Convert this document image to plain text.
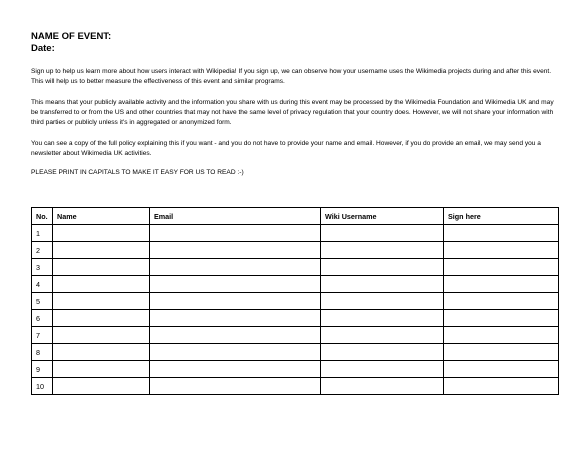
NAME OF EVENT:
Date:

Sign up to help us learn more about how users interact with Wikipedia! If you sign up, we can observe how your username uses the Wikimedia projects during and after this event. This will help us to better measure the effectiveness of this event and similar programs.

This means that your publicly available activity and the information you share with us during this event may be processed by the Wikimedia Foundation and Wikimedia UK and may be transferred to or from the US and other countries that may not have the same level of privacy regulation that your country does. However, we will not share your information with third parties or publicly unless it's in aggregated or anonymized form.

You can see a copy of the full policy explaining this if you want - and you do not have to provide your name and email. However, if you do provide an email, we may send you a newsletter about Wikimedia UK activities.

PLEASE PRINT IN CAPITALS TO MAKE IT EASY FOR US TO READ :-)

No.	Name	Email	Wiki Username	Sign here
1				
2				
3				
4				
5				
6				
7				
8				
9				
10				
